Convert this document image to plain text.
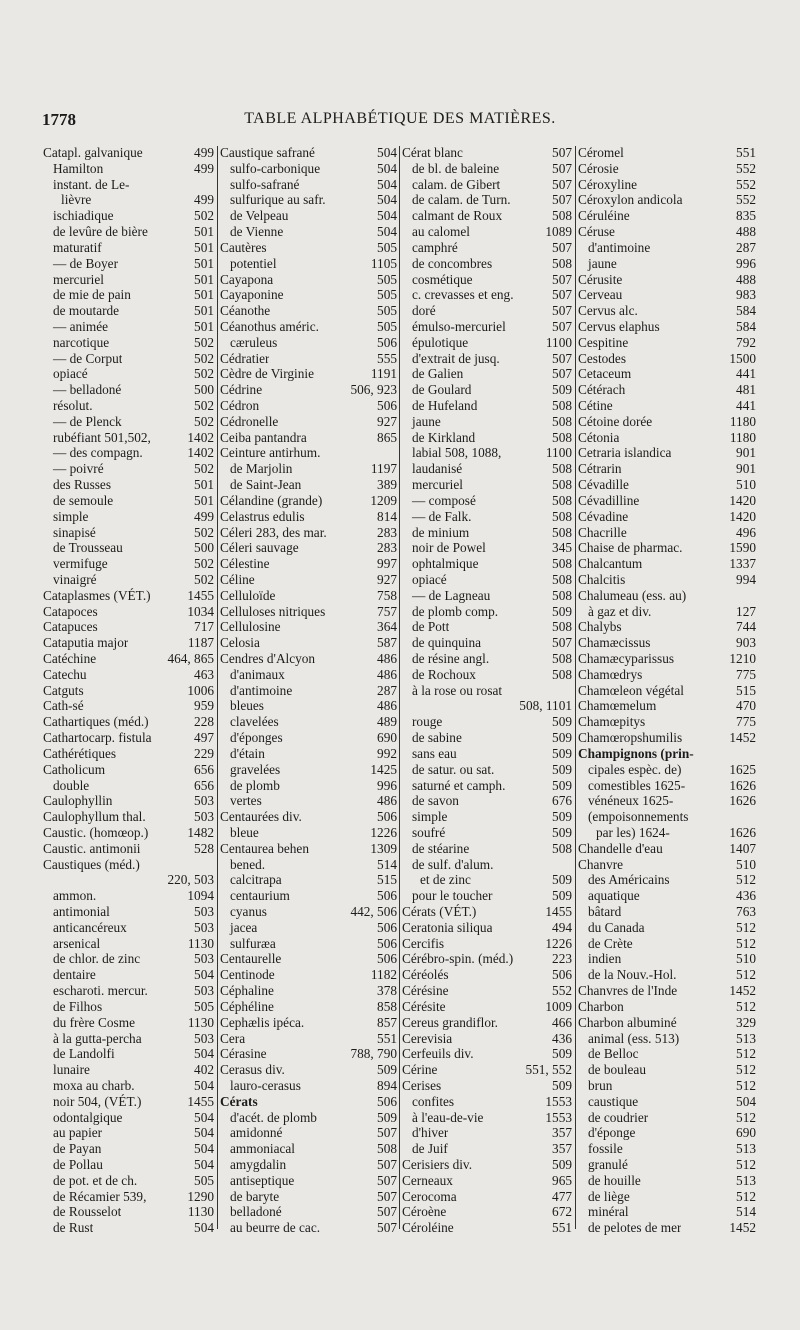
1778	TABLE ALPHABÉTIQUE DES MATIÈRES.
Catapl. galvanique	499
Hamilton	499
instant. de Le-
lièvre	499
ischiadique	502
de levûre de bière	501
maturatif	501
— de Boyer	501
mercuriel	501
de mie de pain	501
de moutarde	501
— animée	501
narcotique	502
— de Corput	502
opiacé	502
— belladoné	500
résolut.	502
— de Plenck	502
rubéfiant 501,502,	1402
— des compagn.	1402
— poivré	502
des Russes	501
de semoule	501
simple	499
sinapisé	502
de Trousseau	500
vermifuge	502
vinaigré	502
Cataplasmes (VÉT.)	1455
Catapoces	1034
Catapuces	717
Cataputia major	1187
Catéchine	464, 865
Catechu	463
Catguts	1006
Cath-sé	959
Cathartiques (méd.)	228
Cathartocarp. fistula	497
Cathérétiques	229
Catholicum	656
double	656
Caulophyllin	503
Caulophyllum thal.	503
Caustic. (homœop.)	1482
Caustic. antimonii	528
Caustiques (méd.)
220, 503
ammon.	1094
antimonial	503
anticancéreux	503
arsenical	1130
de chlor. de zinc	503
dentaire	504
escharoti. mercur.	503
de Filhos	505
du frère Cosme	1130
à la gutta-percha	503
de Landolfi	504
lunaire	402
moxa au charb.	504
noir 504, (VÉT.)	1455
odontalgique	504
au papier	504
de Payan	504
de Pollau	504
de pot. et de ch.	505
de Récamier 539,	1290
de Rousselot	1130
de Rust	504
Caustique safrané	504
sulfo-carbonique	504
sulfo-safrané	504
sulfurique au safr.	504
de Velpeau	504
de Vienne	504
Cautères	505
potentiel	1105
Cayapona	505
Cayaponine	505
Céanothe	505
Céanothus améric.	505
cæruleus	506
Cédratier	555
Cèdre de Virginie	1191
Cédrine	506, 923
Cédron	506
Cédronelle	927
Ceiba pantandra	865
Ceinture antirhum.
de Marjolin	1197
de Saint-Jean	389
Célandine (grande)	1209
Celastrus edulis	814
Céleri 283, des mar.	283
Céleri sauvage	283
Célestine	997
Céline	927
Celluloïde	758
Celluloses nitriques	757
Cellulosine	364
Celosia	587
Cendres d'Alcyon	486
d'animaux	486
d'antimoine	287
bleues	486
clavelées	489
d'éponges	690
d'étain	992
gravelées	1425
de plomb	996
vertes	486
Centaurées div.	506
bleue	1226
Centaurea behen	1309
bened.	514
calcitrapa	515
centaurium	506
cyanus	442, 506
jacea	506
sulfuræa	506
Centaurelle	506
Centinode	1182
Céphaline	378
Céphéline	858
Cephælis ipéca.	857
Cera	551
Cérasine	788, 790
Cerasus div.	509
lauro-cerasus	894
Cérats	506
d'acét. de plomb	509
amidonné	507
ammoniacal	508
amygdalin	507
antiseptique	507
de baryte	507
belladoné	507
au beurre de cac.	507
Cérat blanc	507
de bl. de baleine	507
calam. de Gibert	507
de calam. de Turn.	507
calmant de Roux	508
au calomel	1089
camphré	507
de concombres	508
cosmétique	507
c. crevasses et eng.	507
doré	507
émulso-mercuriel	507
épulotique	1100
d'extrait de jusq.	507
de Galien	507
de Goulard	509
de Hufeland	508
jaune	508
de Kirkland	508
labial 508, 1088,	1100
laudanisé	508
mercuriel	508
— composé	508
— de Falk.	508
de minium	508
noir de Powel	345
ophtalmique	508
opiacé	508
— de Lagneau	508
de plomb comp.	509
de Pott	508
de quinquina	507
de résine angl.	508
de Rochoux	508
à la rose ou rosat
508, 1101
rouge	509
de sabine	509
sans eau	509
de satur. ou sat.	509
saturné et camph.	509
de savon	676
simple	509
soufré	509
de stéarine	508
de sulf. d'alum.
et de zinc	509
pour le toucher	509
Cérats (VÉT.)	1455
Ceratonia siliqua	494
Cercifis	1226
Cérébro-spin. (méd.)	223
Céréolés	506
Cérésine	552
Cérésite	1009
Cereus grandiflor.	466
Cerevisia	436
Cerfeuils div.	509
Cérine	551, 552
Cerises	509
confites	1553
à l'eau-de-vie	1553
d'hiver	357
de Juif	357
Cerisiers div.	509
Cerneaux	965
Cerocoma	477
Céroène	672
Céroléine	551
Céromel	551
Cérosie	552
Céroxyline	552
Céroxylon andicola	552
Céruléine	835
Céruse	488
d'antimoine	287
jaune	996
Cérusite	488
Cerveau	983
Cervus alc.	584
Cervus elaphus	584
Cespitine	792
Cestodes	1500
Cetaceum	441
Cétérach	481
Cétine	441
Cétoine dorée	1180
Cétonia	1180
Cetraria islandica	901
Cétrarin	901
Cévadille	510
Cévadilline	1420
Cévadine	1420
Chacrille	496
Chaise de pharmac.	1590
Chalcantum	1337
Chalcitis	994
Chalumeau (ess. au)
à gaz et div.	127
Chalybs	744
Chamæcissus	903
Chamæcyparissus	1210
Chamœdrys	775
Chamœleon végétal	515
Chamœmelum	470
Chamœpitys	775
Chamœropshumilis	1452
Champignons (prin-
cipales espèc. de)	1625
comestibles 1625-	1626
vénéneux 1625-	1626
(empoisonnements
par les) 1624-	1626
Chandelle d'eau	1407
Chanvre	510
des Américains	512
aquatique	436
bâtard	763
du Canada	512
de Crète	512
indien	510
de la Nouv.-Hol.	512
Chanvres de l'Inde	1452
Charbon	512
Charbon albuminé	329
animal (ess. 513)	513
de Belloc	512
de bouleau	512
brun	512
caustique	504
de coudrier	512
d'éponge	690
fossile	513
granulé	512
de houille	513
de liège	512
minéral	514
de pelotes de mer	1452
